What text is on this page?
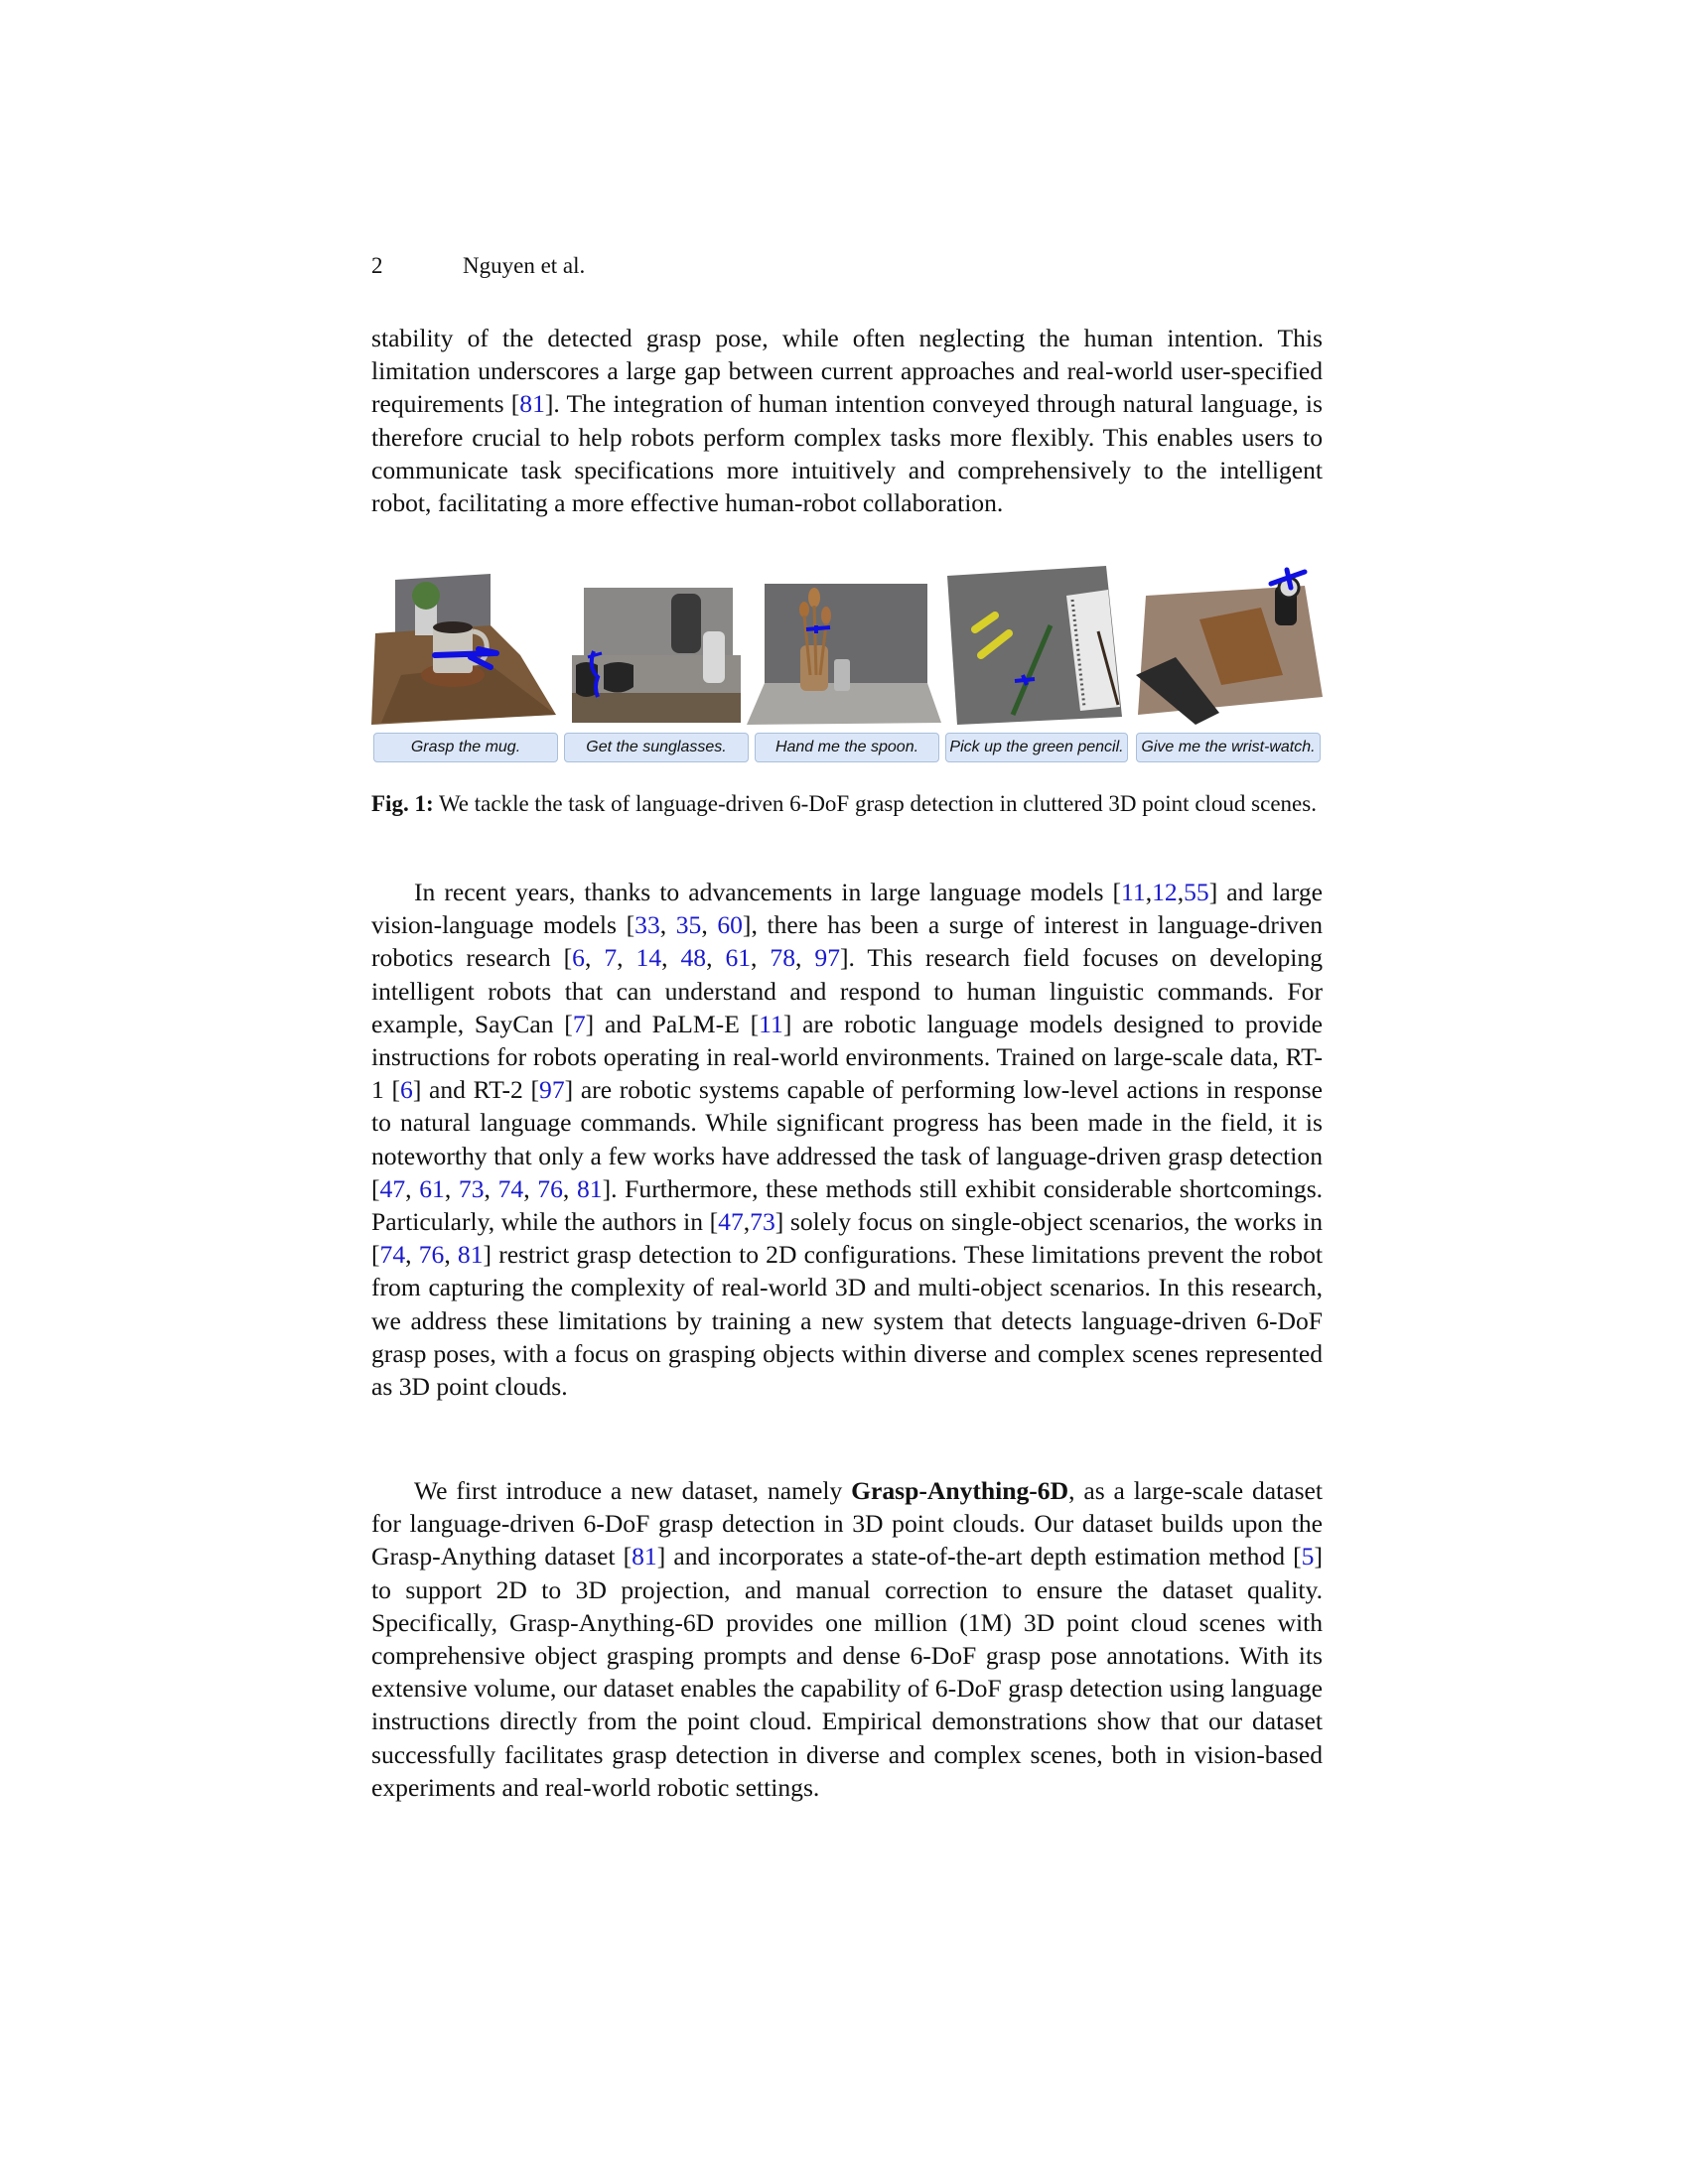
2	Nguyen et al.

stability of the detected grasp pose, while often neglecting the human intention. This limitation underscores a large gap between current approaches and real-world user-specified requirements [81]. The integration of human intention conveyed through natural language, is therefore crucial to help robots perform complex tasks more flexibly. This enables users to communicate task specifications more intuitively and comprehensively to the intelligent robot, facilitating a more effective human-robot collaboration.

Grasp the mug.	Get the sunglasses.	Hand me the spoon.	Pick up the green pencil.	Give me the wrist-watch.
Fig. 1: We tackle the task of language-driven 6-DoF grasp detection in cluttered 3D point cloud scenes.

In recent years, thanks to advancements in large language models [11,12,55] and large vision-language models [33, 35, 60], there has been a surge of interest in language-driven robotics research [6, 7, 14, 48, 61, 78, 97]. This research field focuses on developing intelligent robots that can understand and respond to human linguistic commands. For example, SayCan [7] and PaLM-E [11] are robotic language models designed to provide instructions for robots operating in real-world environments. Trained on large-scale data, RT-1 [6] and RT-2 [97] are robotic systems capable of performing low-level actions in response to natural language commands. While significant progress has been made in the field, it is noteworthy that only a few works have addressed the task of language-driven grasp detection [47, 61, 73, 74, 76, 81]. Furthermore, these methods still exhibit considerable shortcomings. Particularly, while the authors in [47,73] solely focus on single-object scenarios, the works in [74, 76, 81] restrict grasp detection to 2D configurations. These limitations prevent the robot from capturing the complexity of real-world 3D and multi-object scenarios. In this research, we address these limitations by training a new system that detects language-driven 6-DoF grasp poses, with a focus on grasping objects within diverse and complex scenes represented as 3D point clouds.

We first introduce a new dataset, namely Grasp-Anything-6D, as a large-scale dataset for language-driven 6-DoF grasp detection in 3D point clouds. Our dataset builds upon the Grasp-Anything dataset [81] and incorporates a state-of-the-art depth estimation method [5] to support 2D to 3D projection, and manual correction to ensure the dataset quality. Specifically, Grasp-Anything-6D provides one million (1M) 3D point cloud scenes with comprehensive object grasping prompts and dense 6-DoF grasp pose annotations. With its extensive volume, our dataset enables the capability of 6-DoF grasp detection using language instructions directly from the point cloud. Empirical demonstrations show that our dataset successfully facilitates grasp detection in diverse and complex scenes, both in vision-based experiments and real-world robotic settings.
